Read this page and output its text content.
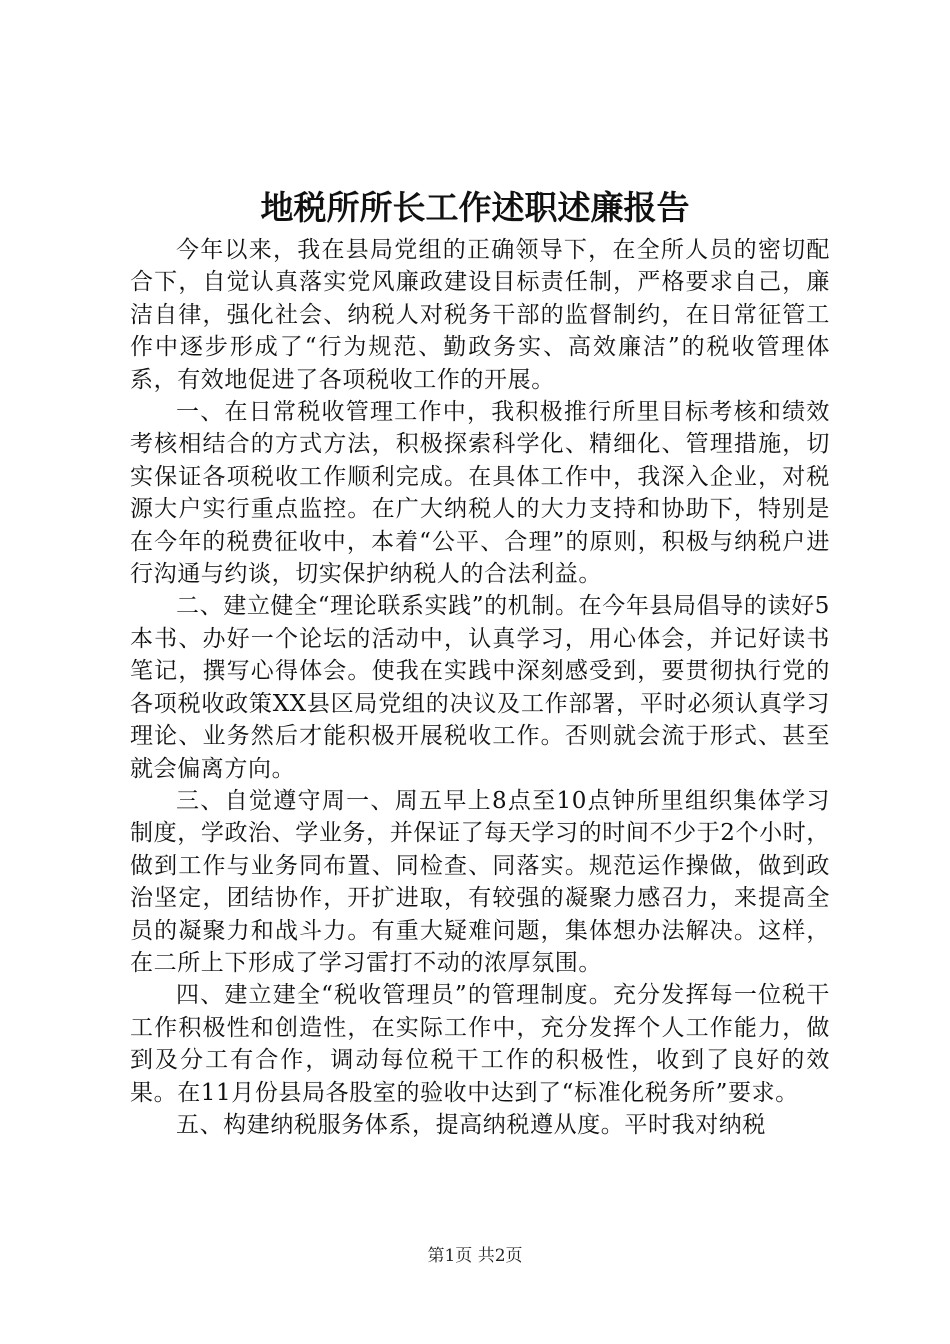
地税所所长工作述职述廉报告

今年以来，我在县局党组的正确领导下，在全所人员的密切配合下，自觉认真落实党风廉政建设目标责任制，严格要求自己，廉洁自律，强化社会、纳税人对税务干部的监督制约，在日常征管工作中逐步形成了“行为规范、勤政务实、高效廉洁”的税收管理体系，有效地促进了各项税收工作的开展。

一、在日常税收管理工作中，我积极推行所里目标考核和绩效考核相结合的方式方法，积极探索科学化、精细化、管理措施，切实保证各项税收工作顺利完成。在具体工作中，我深入企业，对税源大户实行重点监控。在广大纳税人的大力支持和协助下，特别是在今年的税费征收中，本着“公平、合理”的原则，积极与纳税户进行沟通与约谈，切实保护纳税人的合法利益。

二、建立健全“理论联系实践”的机制。在今年县局倡导的读好5本书、办好一个论坛的活动中，认真学习，用心体会，并记好读书笔记，撰写心得体会。使我在实践中深刻感受到，要贯彻执行党的各项税收政策XX县区局党组的决议及工作部署，平时必须认真学习理论、业务然后才能积极开展税收工作。否则就会流于形式、甚至就会偏离方向。

三、自觉遵守周一、周五早上8点至10点钟所里组织集体学习制度，学政治、学业务，并保证了每天学习的时间不少于2个小时，做到工作与业务同布置、同检查、同落实。规范运作操做，做到政治坚定，团结协作，开扩进取，有较强的凝聚力感召力，来提高全员的凝聚力和战斗力。有重大疑难问题，集体想办法解决。这样，在二所上下形成了学习雷打不动的浓厚氛围。

四、建立建全“税收管理员”的管理制度。充分发挥每一位税干工作积极性和创造性，在实际工作中，充分发挥个人工作能力，做到及分工有合作，调动每位税干工作的积极性，收到了良好的效果。在11月份县局各股室的验收中达到了“标准化税务所”要求。

五、构建纳税服务体系，提高纳税遵从度。平时我对纳税

第1页 共2页
